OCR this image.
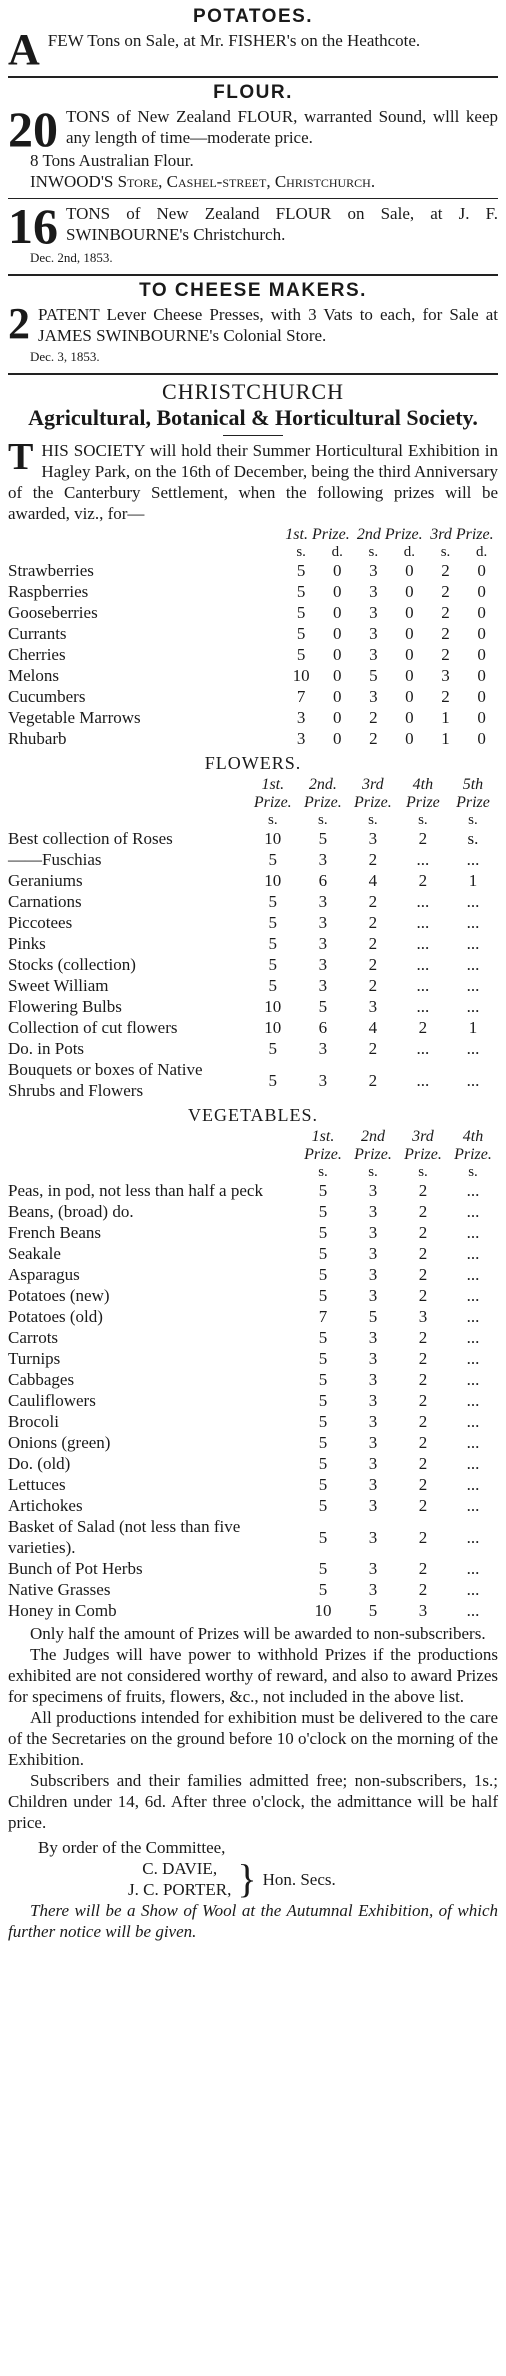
POTATOES.

AFEW Tons on Sale, at Mr. FISHER's on the Heathcote.

FLOUR.

20 TONS of New Zealand FLOUR, warranted Sound, wlll keep any length of time—moderate price.

8 Tons Australian Flour.

INWOOD'S Store, Cashel-street, Christchurch.

16 TONS of New Zealand FLOUR on Sale, at J. F. SWINBOURNE's Christchurch.

Dec. 2nd, 1853.

TO CHEESE MAKERS.

2 PATENT Lever Cheese Presses, with 3 Vats to each, for Sale at JAMES SWINBOURNE's Colonial Store.

Dec. 3, 1853.

CHRISTCHURCH
Agricultural, Botanical & Horticultural Society.

THIS SOCIETY will hold their Summer Horticultural Exhibition in Hagley Park, on the 16th of December, being the third Anniversary of the Canterbury Settlement, when the following prizes will be awarded, viz., for—

	1st. Prize.		2nd Prize.		3rd Prize.	
	s.	d.	s.	d.	s.	d.
Strawberries	5	0	3	0	2	0
Raspberries	5	0	3	0	2	0
Gooseberries	5	0	3	0	2	0
Currants	5	0	3	0	2	0
Cherries	5	0	3	0	2	0
Melons	10	0	5	0	3	0
Cucumbers	7	0	3	0	2	0
Vegetable Marrows	3	0	2	0	1	0
Rhubarb	3	0	2	0	1	0
FLOWERS.
	1st. Prize.	2nd. Prize.	3rd Prize.	4th Prize	5th Prize
	s.	s.	s.	s.	s.
Best collection of Roses	10	5	3	2	s.
——Fuschias	5	3	2	...	...
Geraniums	10	6	4	2	1
Carnations	5	3	2	...	...
Piccotees	5	3	2	...	...
Pinks	5	3	2	...	...
Stocks (collection)	5	3	2	...	...
Sweet William	5	3	2	...	...
Flowering Bulbs	10	5	3	...	...
Collection of cut flowers	10	6	4	2	1
Do. in Pots	5	3	2	...	...
Bouquets or boxes of Native Shrubs and Flowers	5	3	2	...	...
VEGETABLES.
	1st. Prize.	2nd Prize.	3rd Prize.	4th Prize.
	s.	s.	s.	s.
Peas, in pod, not less than half a peck	5	3	2	...
Beans, (broad) do.	5	3	2	...
French Beans	5	3	2	...
Seakale	5	3	2	...
Asparagus	5	3	2	...
Potatoes (new)	5	3	2	...
Potatoes (old)	7	5	3	...
Carrots	5	3	2	...
Turnips	5	3	2	...
Cabbages	5	3	2	...
Cauliflowers	5	3	2	...
Brocoli	5	3	2	...
Onions (green)	5	3	2	...
Do. (old)	5	3	2	...
Lettuces	5	3	2	...
Artichokes	5	3	2	...
Basket of Salad (not less than five varieties).	5	3	2	...
Bunch of Pot Herbs	5	3	2	...
Native Grasses	5	3	2	...
Honey in Comb	10	5	3	...

Only half the amount of Prizes will be awarded to non-subscribers.

The Judges will have power to withhold Prizes if the productions exhibited are not considered worthy of reward, and also to award Prizes for specimens of fruits, flowers, &c., not included in the above list.

All productions intended for exhibition must be delivered to the care of the Secretaries on the ground before 10 o'clock on the morning of the Exhibition.

Subscribers and their families admitted free; non-subscribers, 1s.; Children under 14, 6d. After three o'clock, the admittance will be half price.

By order of the Committee,

C. DAVIE,
J. C. PORTER, } Hon. Secs.

There will be a Show of Wool at the Autumnal Exhibition, of which further notice will be given.
